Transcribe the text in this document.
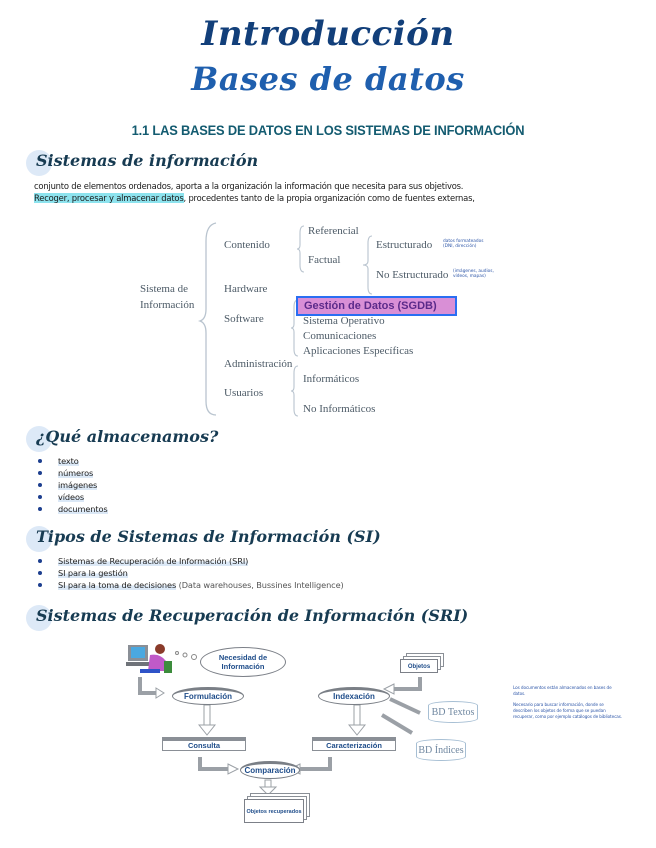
Introducción
Bases de datos
1.1 LAS BASES DE DATOS EN LOS SISTEMAS DE INFORMACIÓN
Sistemas de información
conjunto de elementos ordenados, aporta a la organización la información que necesita para sus objetivos.
Recoger, procesar y almacenar datos, procedentes tanto de la propia organización como de fuentes externas,
Sistema de
Información
Contenido
Hardware
Software
Administración
Usuarios
Referencial
Factual
Estructurado
No Estructurado
datos formateados
(DNI, dirección)
(imágenes, audios,
vídeos, mapas)
Gestión de Datos (SGDB)
Sistema Operativo
Comunicaciones
Aplicaciones Específicas
Informáticos
No Informáticos
¿Qué almacenamos?
texto
números
imágenes
vídeos
documentos
Tipos de Sistemas de Información (SI)
Sistemas de Recuperación de Información (SRI)
SI para la gestión
SI para la toma de decisiones (Data warehouses, Bussines Intelligence)
Sistemas de Recuperación de Información (SRI)
Necesidad de
Información
Formulación
Consulta
Comparación
Objetos recuperados
Objetos
Indexación
Caracterización
BD Textos
BD Índices

Los documentos están almacenados en bases de datos.

Necesario para buscar información, donde se describen los objetos de forma que se puedan recuperar, como por ejemplo catálogos de bibliotecas.
